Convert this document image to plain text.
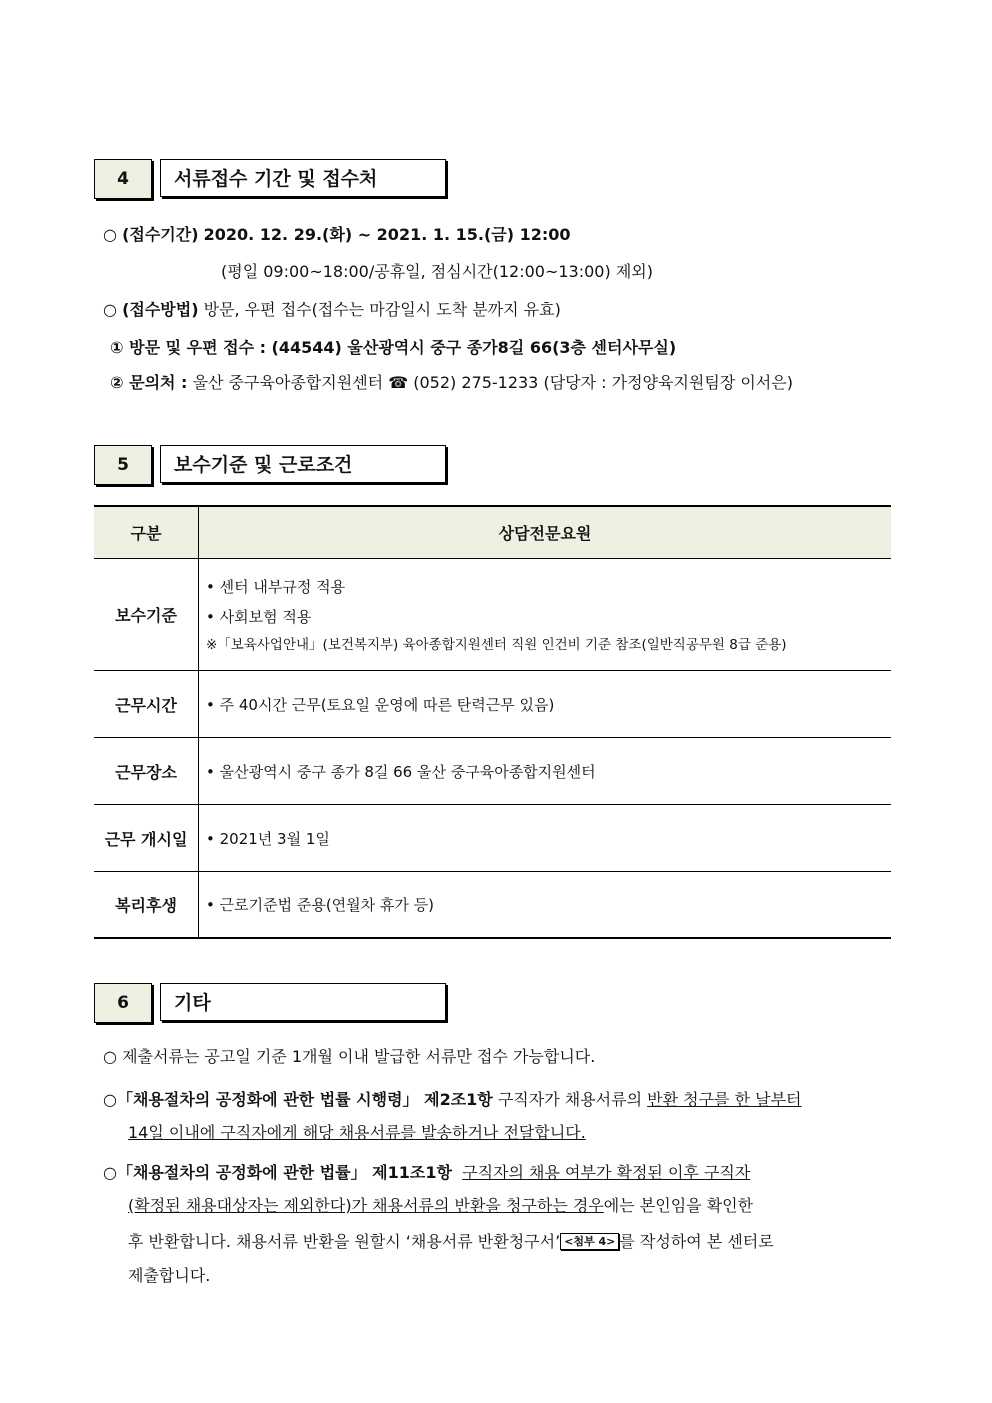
4	서류접수 기간 및 접수처
○ (접수기간) 2020. 12. 29.(화) ~ 2021. 1. 15.(금) 12:00
(평일 09:00~18:00/공휴일, 점심시간(12:00~13:00) 제외)
○ (접수방법) 방문, 우편 접수(접수는 마감일시 도착 분까지 유효)
① 방문 및 우편 접수 : (44544) 울산광역시 중구 종가8길 66(3층 센터사무실)
② 문의처 : 울산 중구육아종합지원센터 ☎ (052) 275-1233 (담당자 : 가정양육지원팀장 이서은)
5	보수기준 및 근로조건
구분	상담전문요원
보수기준	• 센터 내부규정 적용
• 사회보험 적용
※「보육사업안내」(보건복지부) 육아종합지원센터 직원 인건비 기준 참조(일반직공무원 8급 준용)

근무시간	• 주 40시간 근무(토요일 운영에 따른 탄력근무 있음)
근무장소	• 울산광역시 중구 종가 8길 66 울산 중구육아종합지원센터
근무 개시일	• 2021년 3월 1일
복리후생	• 근로기준법 준용(연월차 휴가 등)
6	기타
○ 제출서류는 공고일 기준 1개월 이내 발급한 서류만 접수 가능합니다.
○「채용절차의 공정화에 관한 법률 시행령」 제2조1항 구직자가 채용서류의 반환 청구를 한 날부터
14일 이내에 구직자에게 해당 채용서류를 발송하거나 전달합니다.
○「채용절차의 공정화에 관한 법률」 제11조1항 구직자의 채용 여부가 확정된 이후 구직자
(확정된 채용대상자는 제외한다)가 채용서류의 반환을 청구하는 경우에는 본인임을 확인한
후 반환합니다. 채용서류 반환을 원할시 ‘채용서류 반환청구서’ <첨부 4> 를 작성하여 본 센터로
제출합니다.
